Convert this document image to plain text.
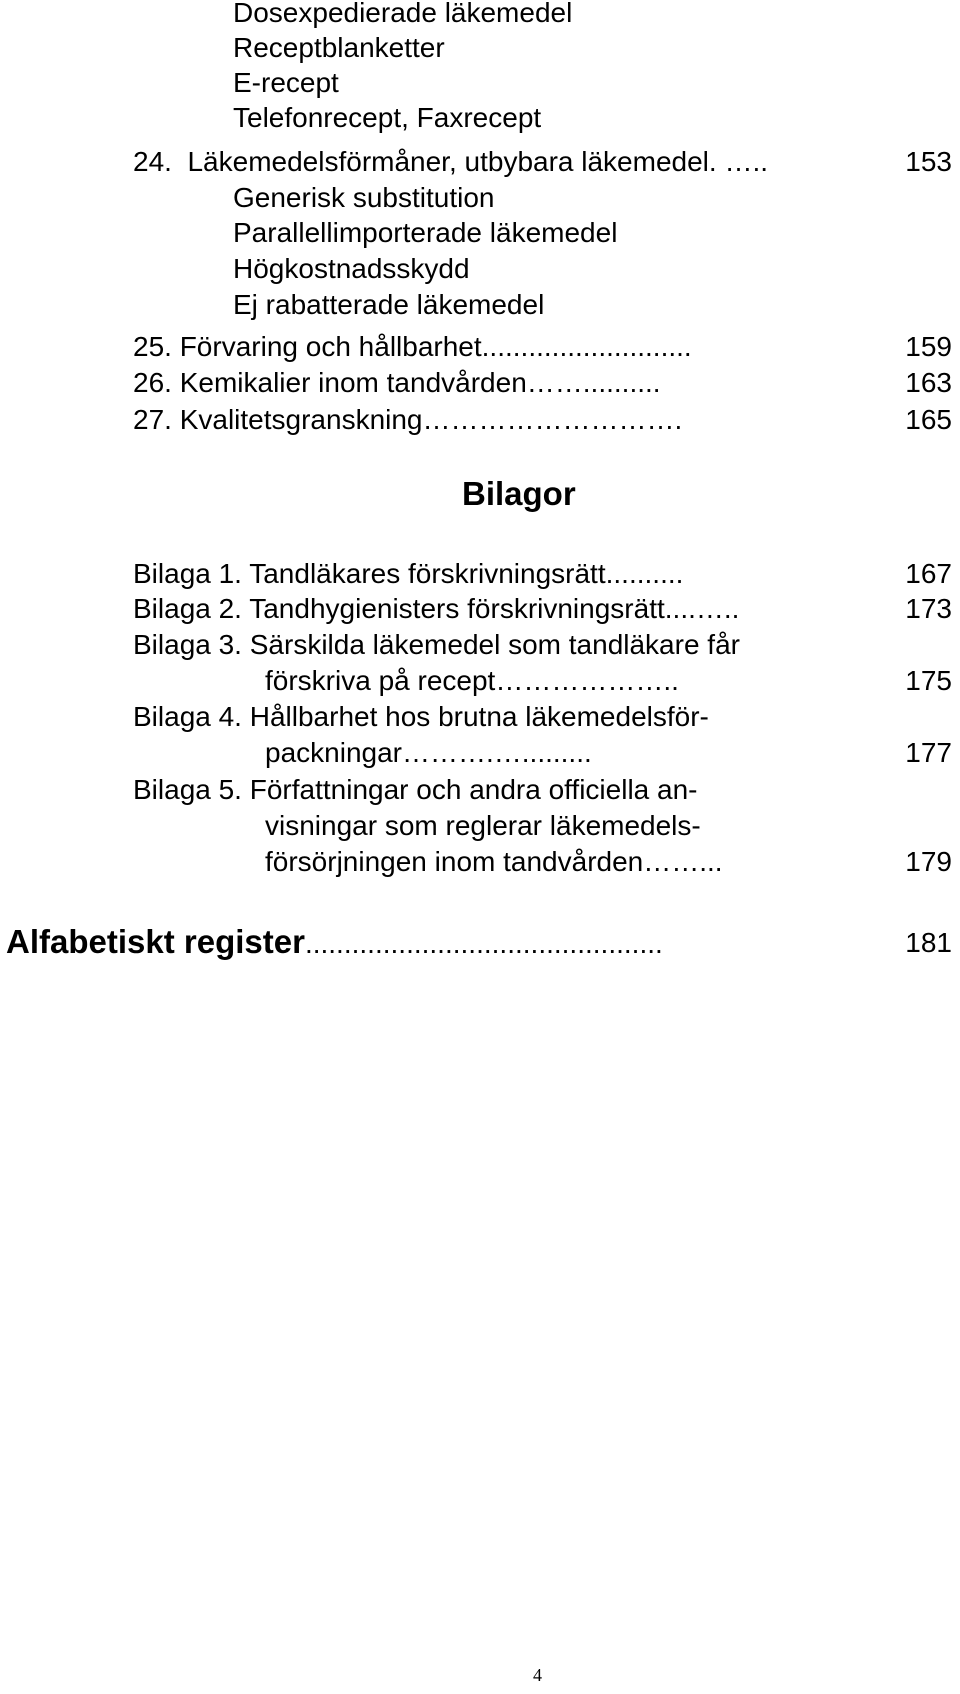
Dosexpedierade läkemedel
Receptblanketter
E-recept
Telefonrecept, Faxrecept
24.  Läkemedelsförmåner, utbybara läkemedel. …..	153
Generisk substitution
Parallellimporterade läkemedel
Högkostnadsskydd
Ej rabatterade läkemedel
25. Förvaring och hållbarhet...........................	159
26. Kemikalier inom tandvården……..........	163
27. Kvalitetsgranskning……………………….	165
Bilagor
Bilaga 1. Tandläkares förskrivningsrätt..........	167
Bilaga 2. Tandhygienisters förskrivningsrätt....…..	173
Bilaga 3. Särskilda läkemedel som tandläkare får
förskriva på recept………………..	175
Bilaga 4. Hållbarhet hos brutna läkemedelsför-
packningar……….….........	177
Bilaga 5. Författningar och andra officiella an-
visningar som reglerar läkemedels-
försörjningen inom tandvården……...	179
Alfabetiskt register..............................................	181
4
